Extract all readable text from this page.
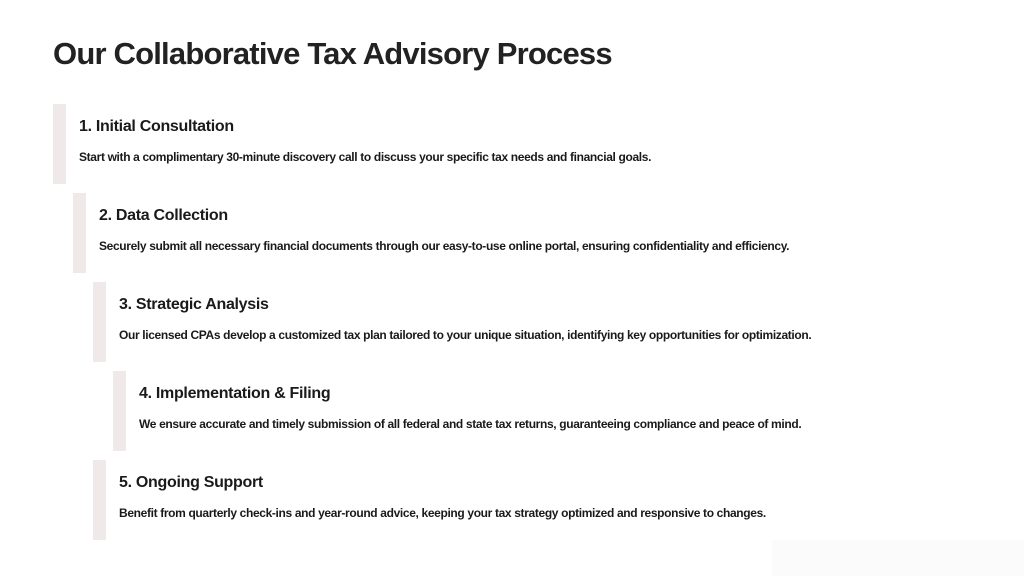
Our Collaborative Tax Advisory Process
1. Initial Consultation

Start with a complimentary 30-minute discovery call to discuss your specific tax needs and financial goals.

2. Data Collection

Securely submit all necessary financial documents through our easy-to-use online portal, ensuring confidentiality and efficiency.

3. Strategic Analysis

Our licensed CPAs develop a customized tax plan tailored to your unique situation, identifying key opportunities for optimization.

4. Implementation & Filing

We ensure accurate and timely submission of all federal and state tax returns, guaranteeing compliance and peace of mind.

5. Ongoing Support

Benefit from quarterly check-ins and year-round advice, keeping your tax strategy optimized and responsive to changes.
